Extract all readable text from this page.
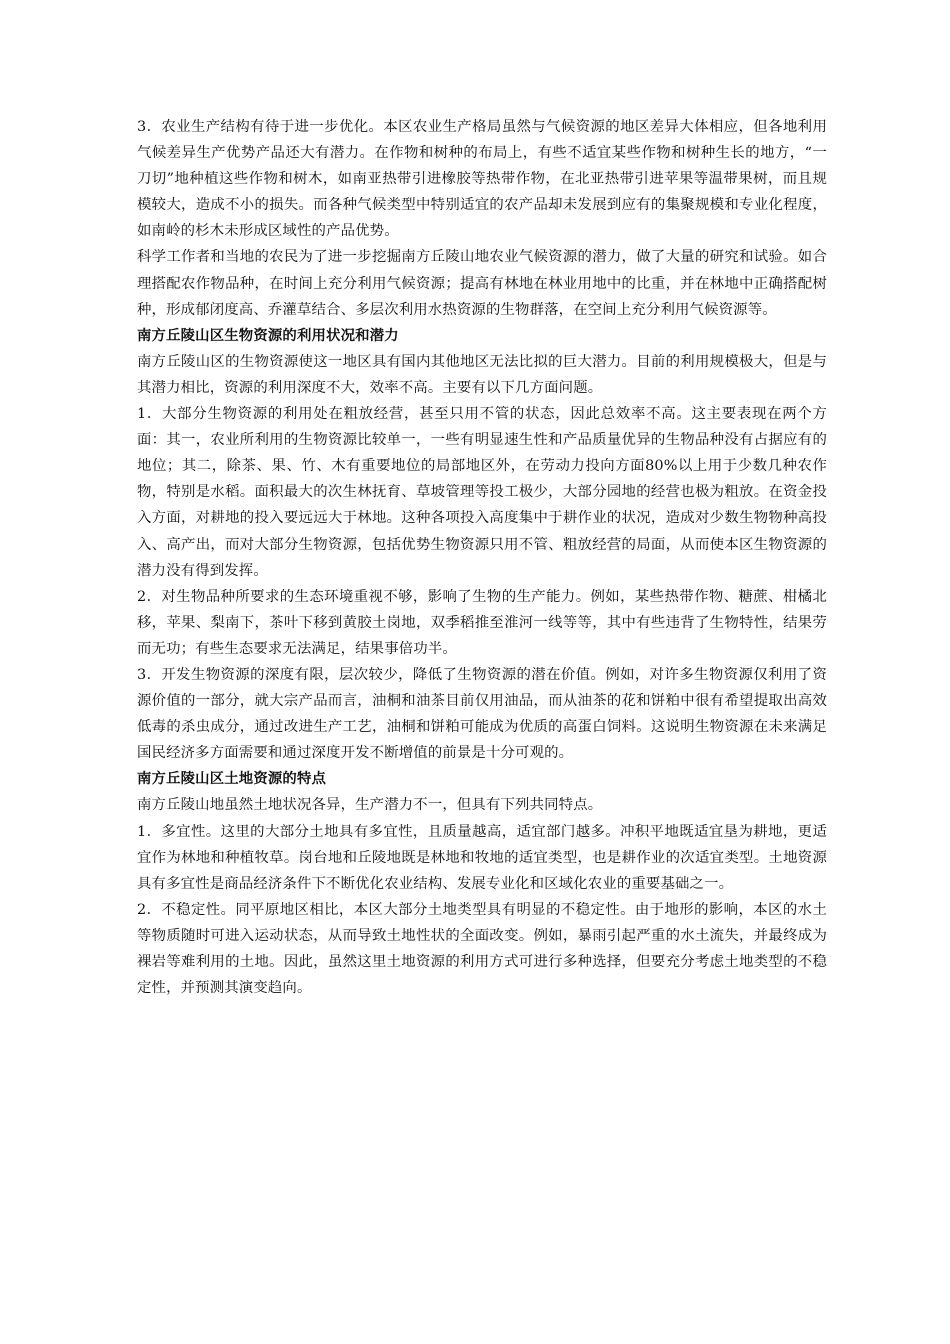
3．农业生产结构有待于进一步优化。本区农业生产格局虽然与气候资源的地区差异大体相应，但各地利用气候差异生产优势产品还大有潜力。在作物和树种的布局上，有些不适宜某些作物和树种生长的地方，“一刀切”地种植这些作物和树木，如南亚热带引进橡胶等热带作物，在北亚热带引进苹果等温带果树，而且规模较大，造成不小的损失。而各种气候类型中特别适宜的农产品却未发展到应有的集聚规模和专业化程度，如南岭的杉木未形成区域性的产品优势。

科学工作者和当地的农民为了进一步挖掘南方丘陵山地农业气候资源的潜力，做了大量的研究和试验。如合理搭配农作物品种，在时间上充分利用气候资源；提高有林地在林业用地中的比重，并在林地中正确搭配树种，形成郁闭度高、乔灌草结合、多层次利用水热资源的生物群落，在空间上充分利用气候资源等。

南方丘陵山区生物资源的利用状况和潜力

南方丘陵山区的生物资源使这一地区具有国内其他地区无法比拟的巨大潜力。目前的利用规模极大，但是与其潜力相比，资源的利用深度不大，效率不高。主要有以下几方面问题。

1．大部分生物资源的利用处在粗放经营，甚至只用不管的状态，因此总效率不高。这主要表现在两个方面：其一，农业所利用的生物资源比较单一，一些有明显速生性和产品质量优异的生物品种没有占据应有的地位；其二，除茶、果、竹、木有重要地位的局部地区外，在劳动力投向方面80%以上用于少数几种农作物，特别是水稻。面积最大的次生林抚育、草坡管理等投工极少，大部分园地的经营也极为粗放。在资金投入方面，对耕地的投入要远远大于林地。这种各项投入高度集中于耕作业的状况，造成对少数生物物种高投入、高产出，而对大部分生物资源，包括优势生物资源只用不管、粗放经营的局面，从而使本区生物资源的潜力没有得到发挥。

2．对生物品种所要求的生态环境重视不够，影响了生物的生产能力。例如，某些热带作物、糖蔗、柑橘北移，苹果、梨南下，茶叶下移到黄胶土岗地，双季稻推至淮河一线等等，其中有些违背了生物特性，结果劳而无功；有些生态要求无法满足，结果事倍功半。

3．开发生物资源的深度有限，层次较少，降低了生物资源的潜在价值。例如，对许多生物资源仅利用了资源价值的一部分，就大宗产品而言，油桐和油茶目前仅用油品，而从油茶的花和饼粕中很有希望提取出高效低毒的杀虫成分，通过改进生产工艺，油桐和饼粕可能成为优质的高蛋白饲料。这说明生物资源在未来满足国民经济多方面需要和通过深度开发不断增值的前景是十分可观的。

南方丘陵山区土地资源的特点

南方丘陵山地虽然土地状况各异，生产潜力不一，但具有下列共同特点。

1．多宜性。这里的大部分土地具有多宜性，且质量越高，适宜部门越多。冲积平地既适宜垦为耕地，更适宜作为林地和种植牧草。岗台地和丘陵地既是林地和牧地的适宜类型，也是耕作业的次适宜类型。土地资源具有多宜性是商品经济条件下不断优化农业结构、发展专业化和区域化农业的重要基础之一。

2．不稳定性。同平原地区相比，本区大部分土地类型具有明显的不稳定性。由于地形的影响，本区的水土等物质随时可进入运动状态，从而导致土地性状的全面改变。例如，暴雨引起严重的水土流失，并最终成为裸岩等难利用的土地。因此，虽然这里土地资源的利用方式可进行多种选择，但要充分考虑土地类型的不稳定性，并预测其演变趋向。
